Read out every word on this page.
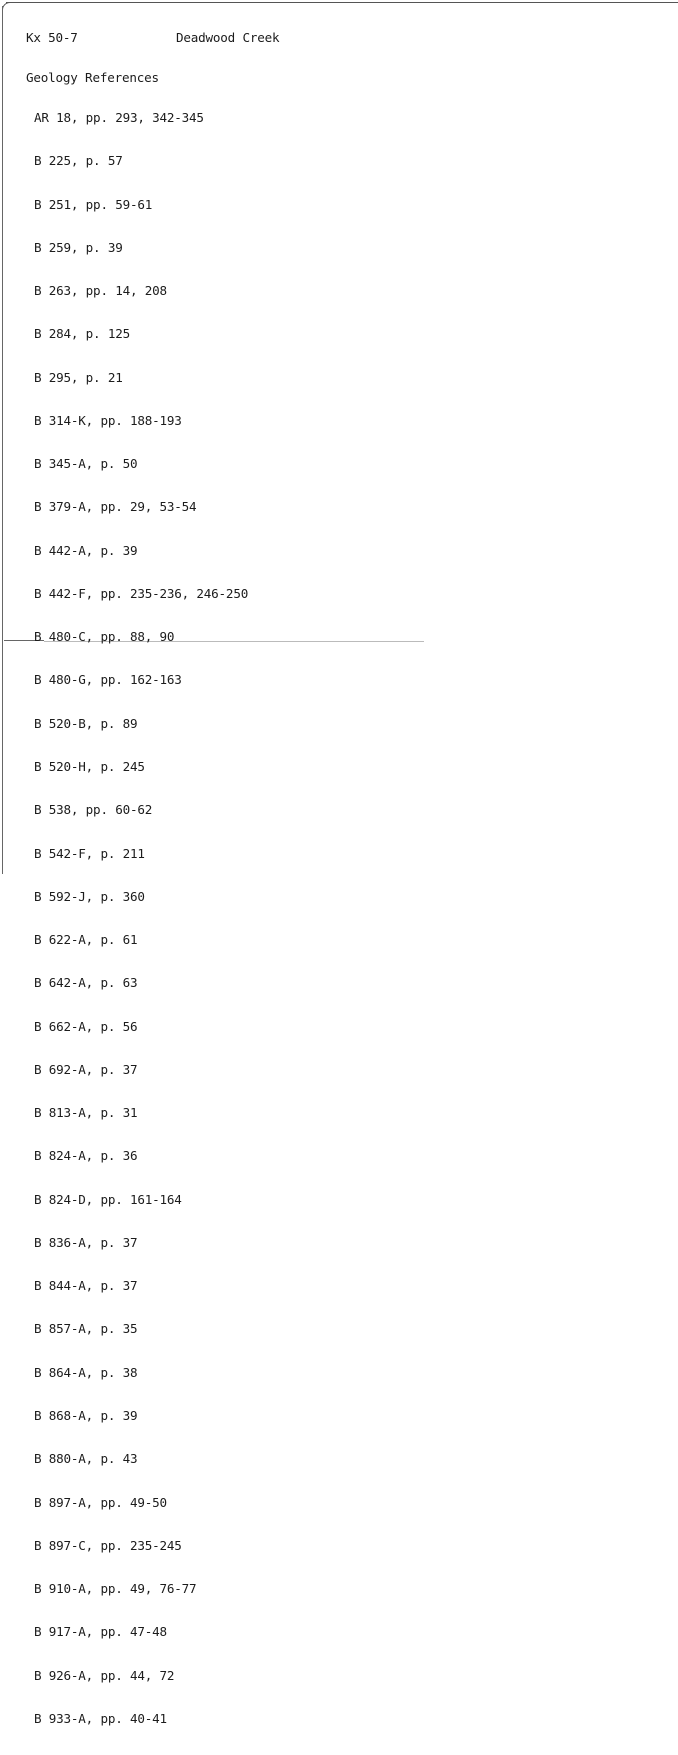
Kx 50-7	Deadwood Creek
Geology References

AR 18, pp. 293, 342-345

B 225, p. 57

B 251, pp. 59-61

B 259, p. 39

B 263, pp. 14, 208

B 284, p. 125

B 295, p. 21

B 314-K, pp. 188-193

B 345-A, p. 50

B 379-A, pp. 29, 53-54

B 442-A, p. 39

B 442-F, pp. 235-236, 246-250

B 480-C, pp. 88, 90

B 480-G, pp. 162-163

B 520-B, p. 89

B 520-H, p. 245

B 538, pp. 60-62

B 542-F, p. 211

B 592-J, p. 360

B 622-A, p. 61

B 642-A, p. 63

B 662-A, p. 56

B 692-A, p. 37

B 813-A, p. 31

B 824-A, p. 36

B 824-D, pp. 161-164

B 836-A, p. 37

B 844-A, p. 37

B 857-A, p. 35

B 864-A, p. 38

B 868-A, p. 39

B 880-A, p. 43

B 897-A, pp. 49-50

B 897-C, pp. 235-245

B 910-A, pp. 49, 76-77

B 917-A, pp. 47-48

B 926-A, pp. 44, 72

B 933-A, pp. 40-41
